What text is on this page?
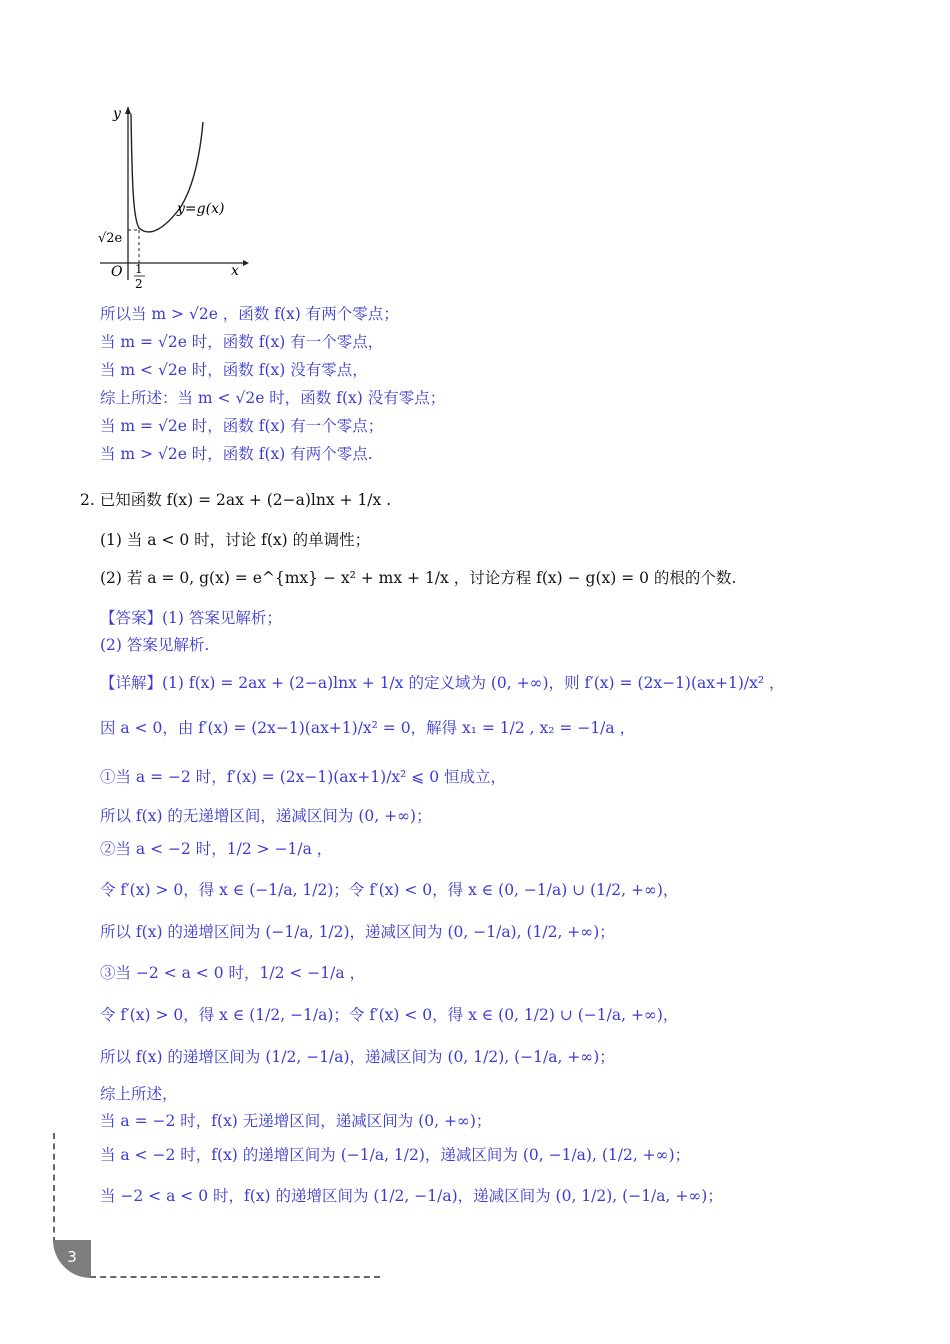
y
x
O
√2e
1
2
y=g(x)
所以当 m > √2e ，函数 f(x) 有两个零点；
当 m = √2e 时，函数 f(x) 有一个零点，
当 m < √2e 时，函数 f(x) 没有零点，
综上所述：当 m < √2e 时，函数 f(x) 没有零点；
当 m = √2e 时，函数 f(x) 有一个零点；
当 m > √2e 时，函数 f(x) 有两个零点.
2. 已知函数 f(x) = 2ax + (2−a)lnx + 1/x .
(1) 当 a < 0 时，讨论 f(x) 的单调性；
(2) 若 a = 0, g(x) = e^{mx} − x² + mx + 1/x ，讨论方程 f(x) − g(x) = 0 的根的个数.
【答案】(1) 答案见解析；
(2) 答案见解析.
【详解】(1) f(x) = 2ax + (2−a)lnx + 1/x 的定义域为 (0, +∞)，则 f′(x) = (2x−1)(ax+1)/x² ，
因 a < 0，由 f′(x) = (2x−1)(ax+1)/x² = 0，解得 x₁ = 1/2 , x₂ = −1/a ，
①当 a = −2 时，f′(x) = (2x−1)(ax+1)/x² ⩽ 0 恒成立，
所以 f(x) 的无递增区间，递减区间为 (0, +∞)；
②当 a < −2 时，1/2 > −1/a ，
令 f′(x) > 0，得 x ∈ (−1/a, 1/2)；令 f′(x) < 0，得 x ∈ (0, −1/a) ∪ (1/2, +∞)，
所以 f(x) 的递增区间为 (−1/a, 1/2)，递减区间为 (0, −1/a), (1/2, +∞)；
③当 −2 < a < 0 时，1/2 < −1/a ，
令 f′(x) > 0，得 x ∈ (1/2, −1/a)；令 f′(x) < 0，得 x ∈ (0, 1/2) ∪ (−1/a, +∞)，
所以 f(x) 的递增区间为 (1/2, −1/a)，递减区间为 (0, 1/2), (−1/a, +∞)；
综上所述，
当 a = −2 时，f(x) 无递增区间，递减区间为 (0, +∞)；
当 a < −2 时，f(x) 的递增区间为 (−1/a, 1/2)，递减区间为 (0, −1/a), (1/2, +∞)；
当 −2 < a < 0 时，f(x) 的递增区间为 (1/2, −1/a)，递减区间为 (0, 1/2), (−1/a, +∞)；
3
